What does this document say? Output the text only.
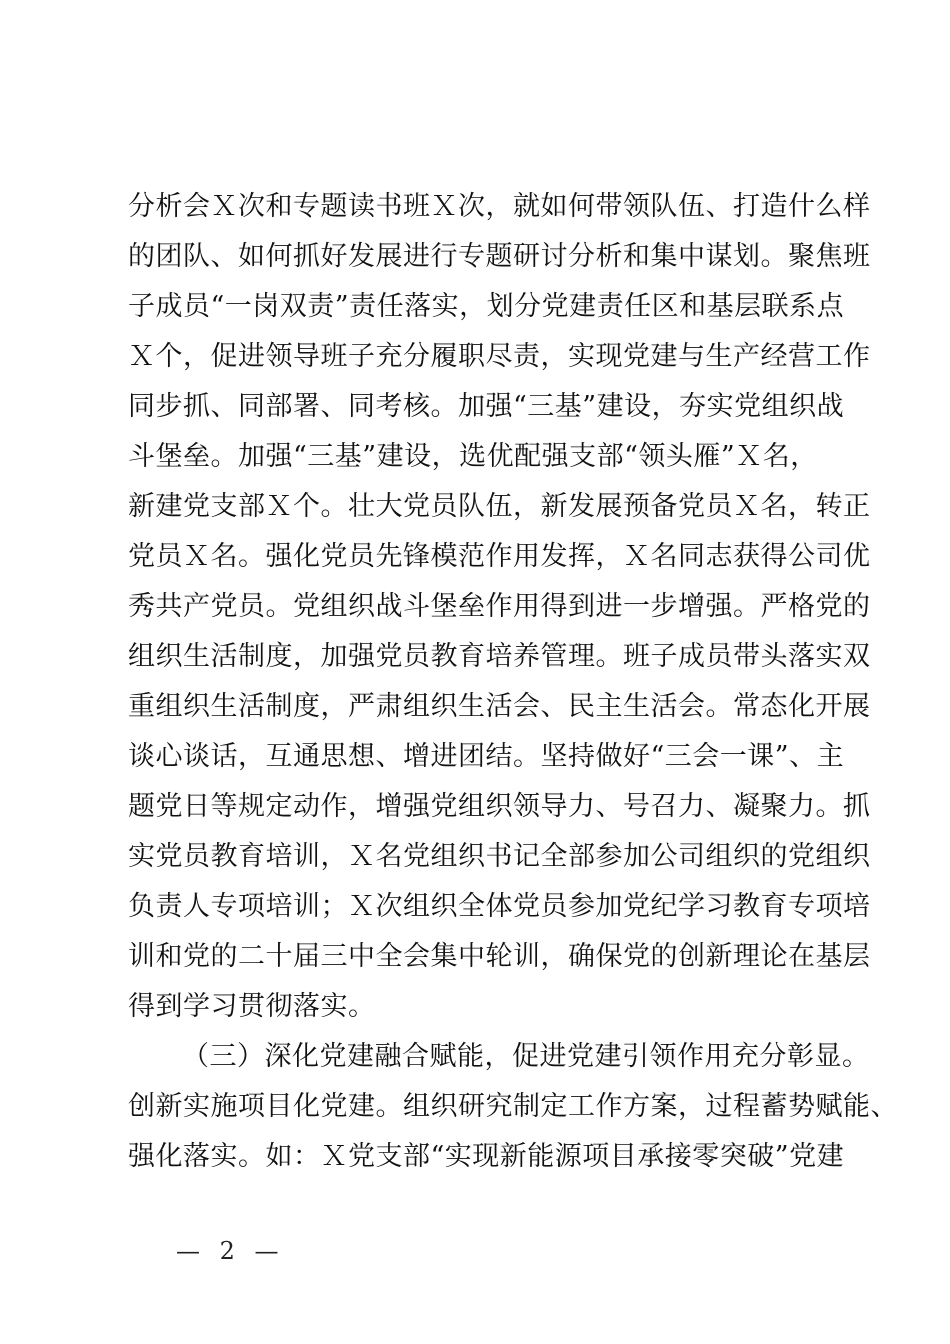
分析会Ｘ次和专题读书班Ｘ次，就如何带领队伍、打造什么样
的团队、如何抓好发展进行专题研讨分析和集中谋划。聚焦班
子成员“一岗双责”责任落实，划分党建责任区和基层联系点
Ｘ个，促进领导班子充分履职尽责，实现党建与生产经营工作
同步抓、同部署、同考核。加强“三基”建设，夯实党组织战
斗堡垒。加强“三基”建设，选优配强支部“领头雁”Ｘ名，
新建党支部Ｘ个。壮大党员队伍，新发展预备党员Ｘ名，转正
党员Ｘ名。强化党员先锋模范作用发挥，Ｘ名同志获得公司优
秀共产党员。党组织战斗堡垒作用得到进一步增强。严格党的
组织生活制度，加强党员教育培养管理。班子成员带头落实双
重组织生活制度，严肃组织生活会、民主生活会。常态化开展
谈心谈话，互通思想、增进团结。坚持做好“三会一课”、主
题党日等规定动作，增强党组织领导力、号召力、凝聚力。抓
实党员教育培训，Ｘ名党组织书记全部参加公司组织的党组织
负责人专项培训；Ｘ次组织全体党员参加党纪学习教育专项培
训和党的二十届三中全会集中轮训，确保党的创新理论在基层
得到学习贯彻落实。
（三）深化党建融合赋能，促进党建引领作用充分彰显。
创新实施项目化党建。组织研究制定工作方案，过程蓄势赋能、
强化落实。如：Ｘ党支部“实现新能源项目承接零突破”党建
— 2 —
